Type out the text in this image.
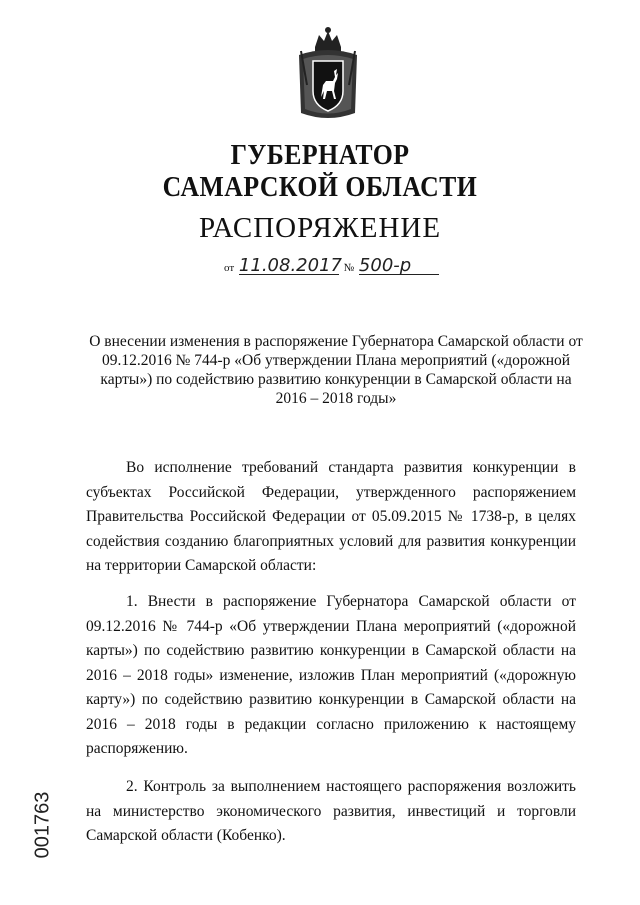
ГУБЕРНАТОР
САМАРСКОЙ ОБЛАСТИ
РАСПОРЯЖЕНИЕ
от 11.08.2017 № 500-р
О внесении изменения в распоряжение Губернатора Самарской области от 09.12.2016 № 744-р «Об утверждении Плана мероприятий («дорожной карты») по содействию развитию конкуренции в Самарской области на 2016 – 2018 годы»
Во исполнение требований стандарта развития конкуренции в субъектах Российской Федерации, утвержденного распоряжением Правительства Российской Федерации от 05.09.2015 № 1738-р, в целях содействия созданию благоприятных условий для развития конкуренции на территории Самарской области:
1. Внести в распоряжение Губернатора Самарской области от 09.12.2016 № 744-р «Об утверждении Плана мероприятий («дорожной карты») по содействию развитию конкуренции в Самарской области на 2016 – 2018 годы» изменение, изложив План мероприятий («дорожную карту») по содействию развитию конкуренции в Самарской области на 2016 – 2018 годы в редакции согласно приложению к настоящему распоряжению.
2. Контроль за выполнением настоящего распоряжения возложить на министерство экономического развития, инвестиций и торговли Самарской области (Кобенко).
001763
